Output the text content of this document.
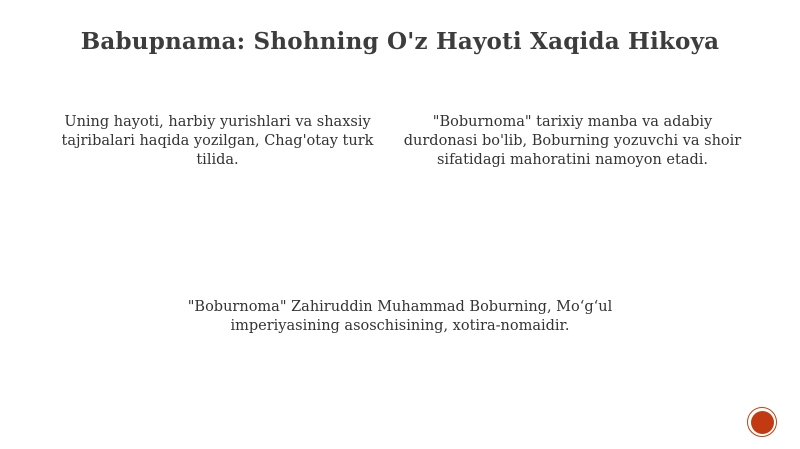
Babupnama: Shohning O'z Hayoti Xaqida Hikoya

Uning hayoti, harbiy yurishlari va shaxsiy tajribalari haqida yozilgan, Chag'otay turk tilida.

"Boburnoma" tarixiy manba va adabiy durdonasi bo'lib, Boburning yozuvchi va shoir sifatidagi mahoratini namoyon etadi.

"Boburnoma" Zahiruddin Muhammad Boburning, Moʻgʻul imperiyasining asoschisining, xotira-nomaidir.
